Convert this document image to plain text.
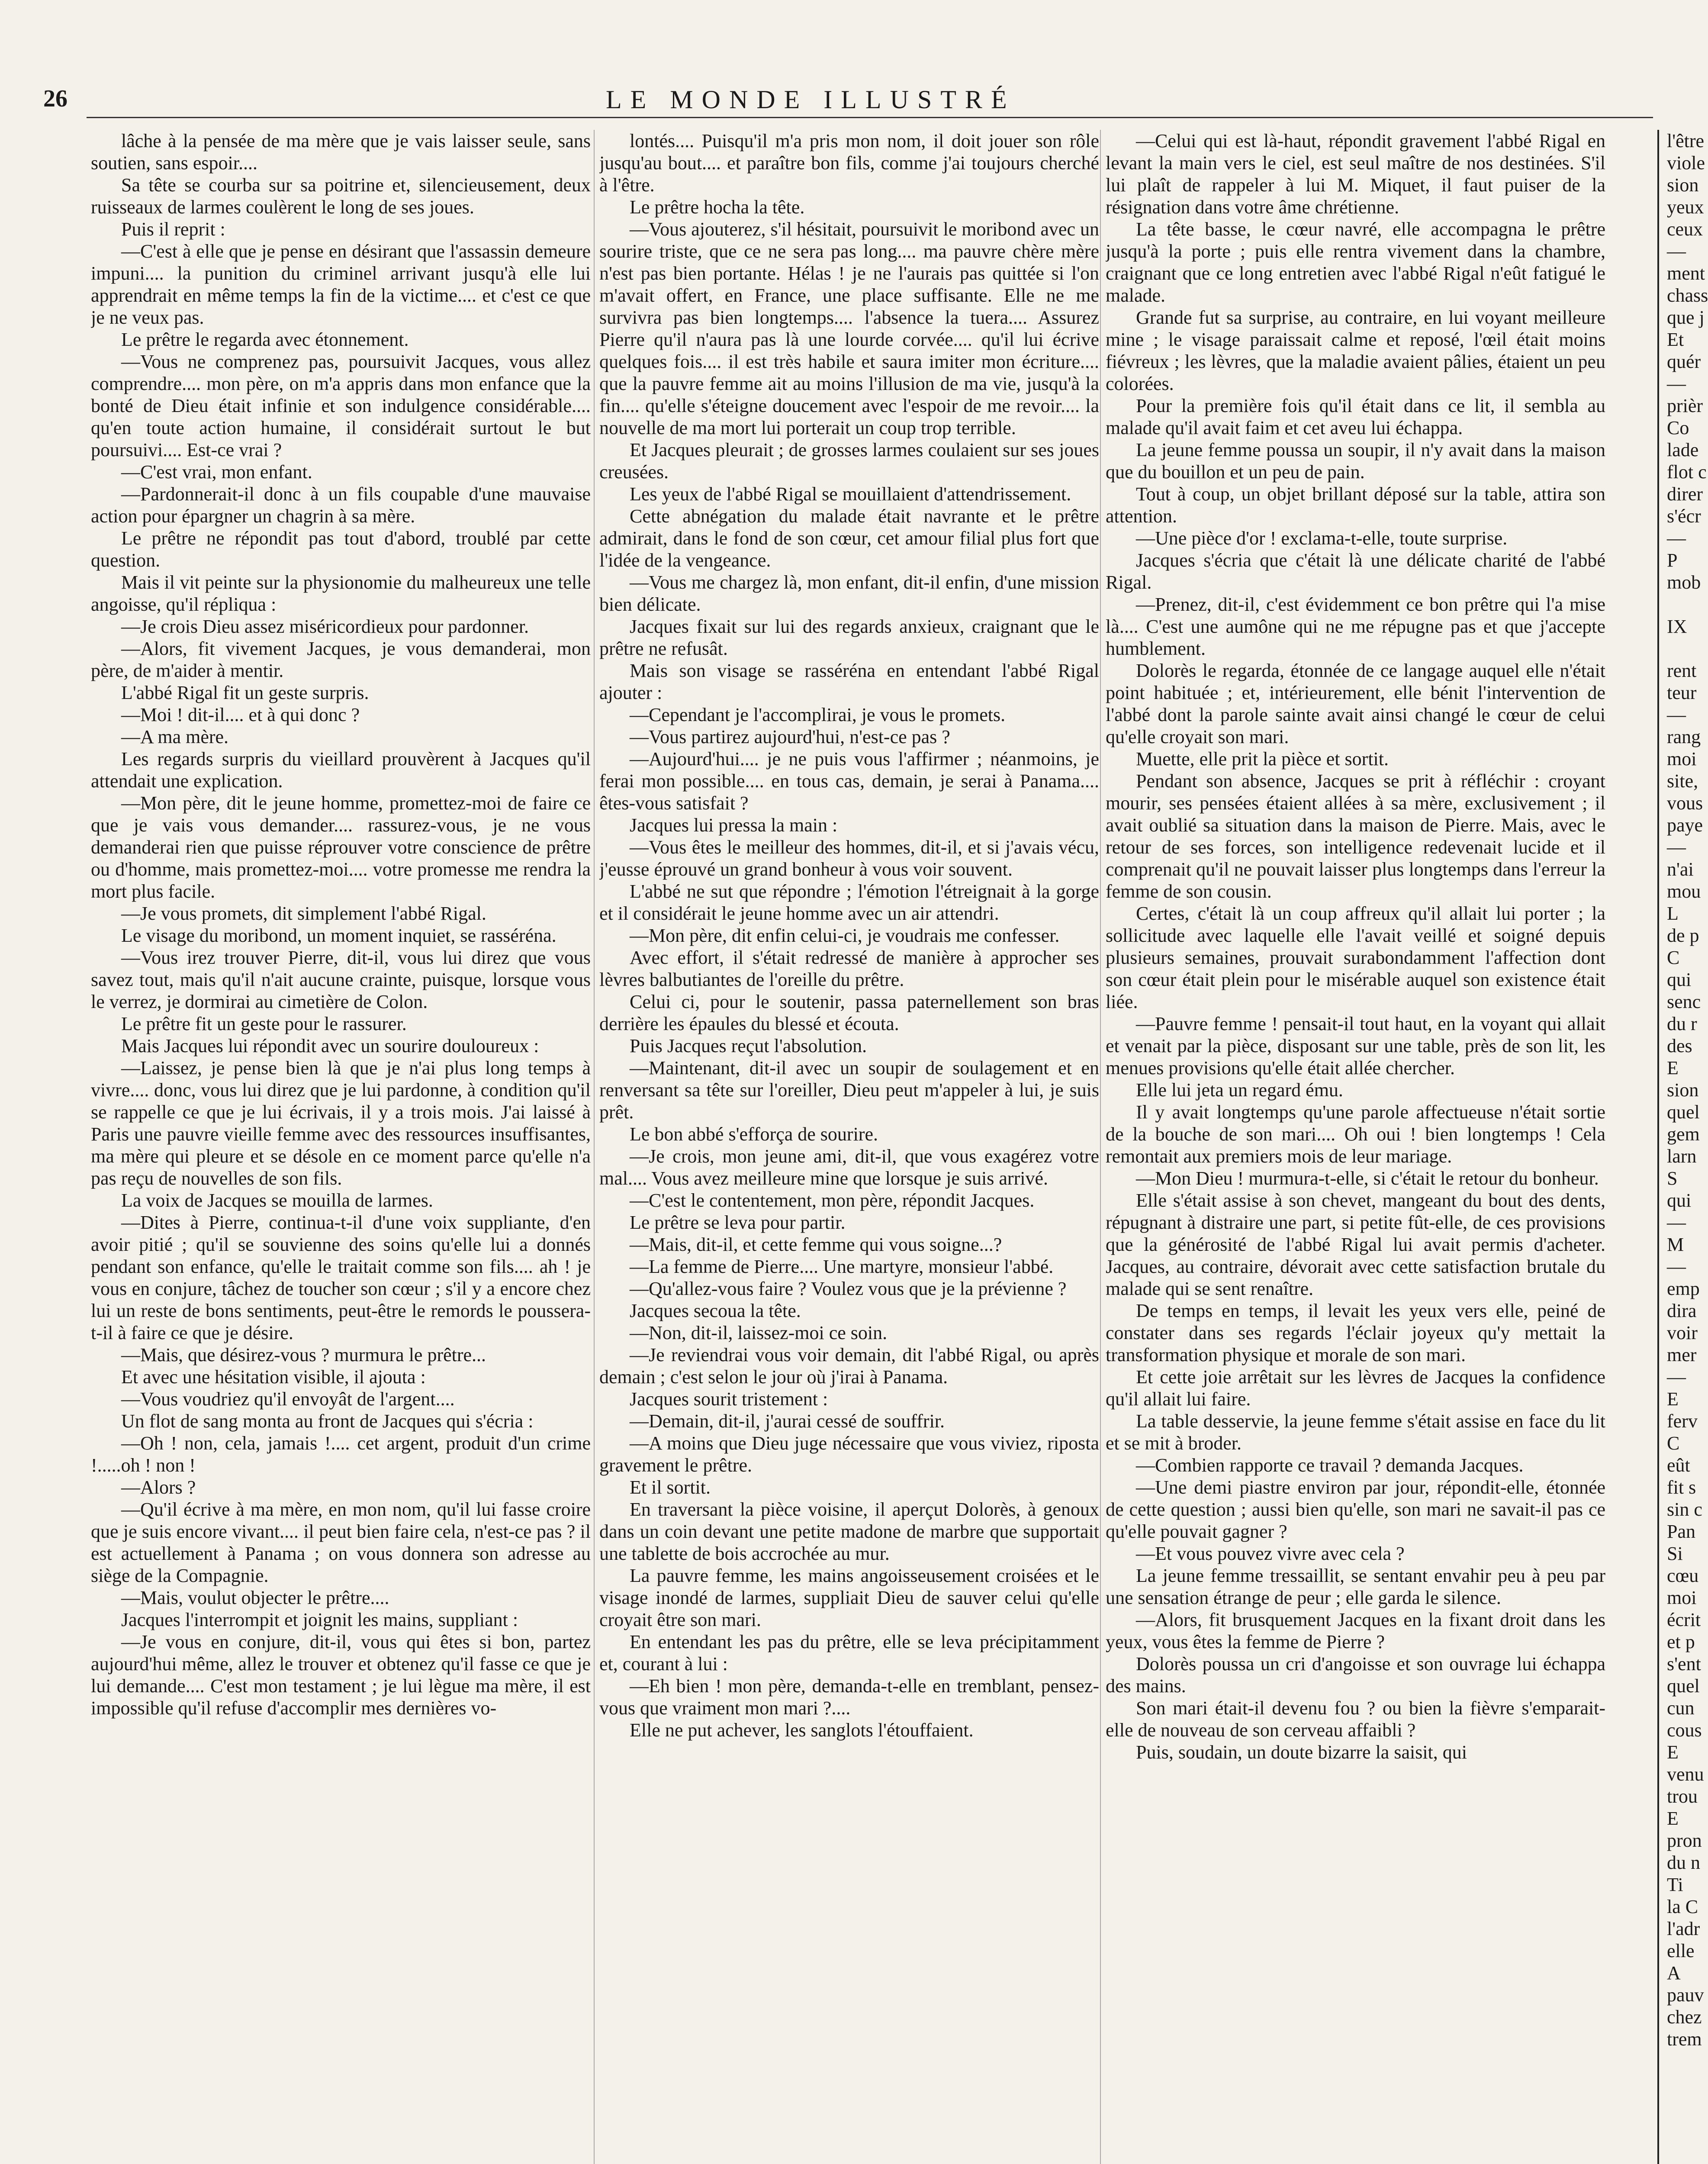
26	LE MONDE ILLUSTRÉ

lâche à la pensée de ma mère que je vais laisser seule, sans soutien, sans espoir....

Sa tête se courba sur sa poitrine et, silencieusement, deux ruisseaux de larmes coulèrent le long de ses joues.

Puis il reprit :

—C'est à elle que je pense en désirant que l'assassin demeure impuni.... la punition du criminel arrivant jusqu'à elle lui apprendrait en même temps la fin de la victime.... et c'est ce que je ne veux pas.

Le prêtre le regarda avec étonnement.

—Vous ne comprenez pas, poursuivit Jacques, vous allez comprendre.... mon père, on m'a appris dans mon enfance que la bonté de Dieu était infinie et son indulgence considérable.... qu'en toute action humaine, il considérait surtout le but poursuivi.... Est-ce vrai ?

—C'est vrai, mon enfant.

—Pardonnerait-il donc à un fils coupable d'une mauvaise action pour épargner un chagrin à sa mère.

Le prêtre ne répondit pas tout d'abord, troublé par cette question.

Mais il vit peinte sur la physionomie du malheureux une telle angoisse, qu'il répliqua :

—Je crois Dieu assez miséricordieux pour pardonner.

—Alors, fit vivement Jacques, je vous demanderai, mon père, de m'aider à mentir.

L'abbé Rigal fit un geste surpris.

—Moi ! dit-il.... et à qui donc ?

—A ma mère.

Les regards surpris du vieillard prouvèrent à Jacques qu'il attendait une explication.

—Mon père, dit le jeune homme, promettez-moi de faire ce que je vais vous demander.... rassurez-vous, je ne vous demanderai rien que puisse réprouver votre conscience de prêtre ou d'homme, mais promettez-moi.... votre promesse me rendra la mort plus facile.

—Je vous promets, dit simplement l'abbé Rigal.

Le visage du moribond, un moment inquiet, se rasséréna.

—Vous irez trouver Pierre, dit-il, vous lui direz que vous savez tout, mais qu'il n'ait aucune crainte, puisque, lorsque vous le verrez, je dormirai au cimetière de Colon.

Le prêtre fit un geste pour le rassurer.

Mais Jacques lui répondit avec un sourire douloureux :

—Laissez, je pense bien là que je n'ai plus long temps à vivre.... donc, vous lui direz que je lui pardonne, à condition qu'il se rappelle ce que je lui écrivais, il y a trois mois. J'ai laissé à Paris une pauvre vieille femme avec des ressources insuffisantes, ma mère qui pleure et se désole en ce moment parce qu'elle n'a pas reçu de nouvelles de son fils.

La voix de Jacques se mouilla de larmes.

—Dites à Pierre, continua-t-il d'une voix suppliante, d'en avoir pitié ; qu'il se souvienne des soins qu'elle lui a donnés pendant son enfance, qu'elle le traitait comme son fils.... ah ! je vous en conjure, tâchez de toucher son cœur ; s'il y a encore chez lui un reste de bons sentiments, peut-être le remords le poussera-t-il à faire ce que je désire.

—Mais, que désirez-vous ? murmura le prêtre...

Et avec une hésitation visible, il ajouta :

—Vous voudriez qu'il envoyât de l'argent....

Un flot de sang monta au front de Jacques qui s'écria :

—Oh ! non, cela, jamais !.... cet argent, produit d'un crime !.....oh ! non !

—Alors ?

—Qu'il écrive à ma mère, en mon nom, qu'il lui fasse croire que je suis encore vivant.... il peut bien faire cela, n'est-ce pas ? il est actuellement à Panama ; on vous donnera son adresse au siège de la Compagnie.

—Mais, voulut objecter le prêtre....

Jacques l'interrompit et joignit les mains, suppliant :

—Je vous en conjure, dit-il, vous qui êtes si bon, partez aujourd'hui même, allez le trouver et obtenez qu'il fasse ce que je lui demande.... C'est mon testament ; je lui lègue ma mère, il est impossible qu'il refuse d'accomplir mes dernières vo-

lontés.... Puisqu'il m'a pris mon nom, il doit jouer son rôle jusqu'au bout.... et paraître bon fils, comme j'ai toujours cherché à l'être.

Le prêtre hocha la tête.

—Vous ajouterez, s'il hésitait, poursuivit le moribond avec un sourire triste, que ce ne sera pas long.... ma pauvre chère mère n'est pas bien portante. Hélas ! je ne l'aurais pas quittée si l'on m'avait offert, en France, une place suffisante. Elle ne me survivra pas bien longtemps.... l'absence la tuera.... Assurez Pierre qu'il n'aura pas là une lourde corvée.... qu'il lui écrive quelques fois.... il est très habile et saura imiter mon écriture.... que la pauvre femme ait au moins l'illusion de ma vie, jusqu'à la fin.... qu'elle s'éteigne doucement avec l'espoir de me revoir.... la nouvelle de ma mort lui porterait un coup trop terrible.

Et Jacques pleurait ; de grosses larmes coulaient sur ses joues creusées.

Les yeux de l'abbé Rigal se mouillaient d'attendrissement.

Cette abnégation du malade était navrante et le prêtre admirait, dans le fond de son cœur, cet amour filial plus fort que l'idée de la vengeance.

—Vous me chargez là, mon enfant, dit-il enfin, d'une mission bien délicate.

Jacques fixait sur lui des regards anxieux, craignant que le prêtre ne refusât.

Mais son visage se rasséréna en entendant l'abbé Rigal ajouter :

—Cependant je l'accomplirai, je vous le promets.

—Vous partirez aujourd'hui, n'est-ce pas ?

—Aujourd'hui.... je ne puis vous l'affirmer ; néanmoins, je ferai mon possible.... en tous cas, demain, je serai à Panama.... êtes-vous satisfait ?

Jacques lui pressa la main :

—Vous êtes le meilleur des hommes, dit-il, et si j'avais vécu, j'eusse éprouvé un grand bonheur à vous voir souvent.

L'abbé ne sut que répondre ; l'émotion l'étreignait à la gorge et il considérait le jeune homme avec un air attendri.

—Mon père, dit enfin celui-ci, je voudrais me confesser.

Avec effort, il s'était redressé de manière à approcher ses lèvres balbutiantes de l'oreille du prêtre.

Celui ci, pour le soutenir, passa paternellement son bras derrière les épaules du blessé et écouta.

Puis Jacques reçut l'absolution.

—Maintenant, dit-il avec un soupir de soulagement et en renversant sa tête sur l'oreiller, Dieu peut m'appeler à lui, je suis prêt.

Le bon abbé s'efforça de sourire.

—Je crois, mon jeune ami, dit-il, que vous exagérez votre mal.... Vous avez meilleure mine que lorsque je suis arrivé.

—C'est le contentement, mon père, répondit Jacques.

Le prêtre se leva pour partir.

—Mais, dit-il, et cette femme qui vous soigne...?

—La femme de Pierre.... Une martyre, monsieur l'abbé.

—Qu'allez-vous faire ? Voulez vous que je la prévienne ?

Jacques secoua la tête.

—Non, dit-il, laissez-moi ce soin.

—Je reviendrai vous voir demain, dit l'abbé Rigal, ou après demain ; c'est selon le jour où j'irai à Panama.

Jacques sourit tristement :

—Demain, dit-il, j'aurai cessé de souffrir.

—A moins que Dieu juge nécessaire que vous viviez, riposta gravement le prêtre.

Et il sortit.

En traversant la pièce voisine, il aperçut Dolorès, à genoux dans un coin devant une petite madone de marbre que supportait une tablette de bois accrochée au mur.

La pauvre femme, les mains angoisseusement croisées et le visage inondé de larmes, suppliait Dieu de sauver celui qu'elle croyait être son mari.

En entendant les pas du prêtre, elle se leva précipitamment et, courant à lui :

—Eh bien ! mon père, demanda-t-elle en tremblant, pensez-vous que vraiment mon mari ?....

Elle ne put achever, les sanglots l'étouffaient.

—Celui qui est là-haut, répondit gravement l'abbé Rigal en levant la main vers le ciel, est seul maître de nos destinées. S'il lui plaît de rappeler à lui M. Miquet, il faut puiser de la résignation dans votre âme chrétienne.

La tête basse, le cœur navré, elle accompagna le prêtre jusqu'à la porte ; puis elle rentra vivement dans la chambre, craignant que ce long entretien avec l'abbé Rigal n'eût fatigué le malade.

Grande fut sa surprise, au contraire, en lui voyant meilleure mine ; le visage paraissait calme et reposé, l'œil était moins fiévreux ; les lèvres, que la maladie avaient pâlies, étaient un peu colorées.

Pour la première fois qu'il était dans ce lit, il sembla au malade qu'il avait faim et cet aveu lui échappa.

La jeune femme poussa un soupir, il n'y avait dans la maison que du bouillon et un peu de pain.

Tout à coup, un objet brillant déposé sur la table, attira son attention.

—Une pièce d'or ! exclama-t-elle, toute surprise.

Jacques s'écria que c'était là une délicate charité de l'abbé Rigal.

—Prenez, dit-il, c'est évidemment ce bon prêtre qui l'a mise là.... C'est une aumône qui ne me répugne pas et que j'accepte humblement.

Dolorès le regarda, étonnée de ce langage auquel elle n'était point habituée ; et, intérieurement, elle bénit l'intervention de l'abbé dont la parole sainte avait ainsi changé le cœur de celui qu'elle croyait son mari.

Muette, elle prit la pièce et sortit.

Pendant son absence, Jacques se prit à réfléchir : croyant mourir, ses pensées étaient allées à sa mère, exclusivement ; il avait oublié sa situation dans la maison de Pierre. Mais, avec le retour de ses forces, son intelligence redevenait lucide et il comprenait qu'il ne pouvait laisser plus longtemps dans l'erreur la femme de son cousin.

Certes, c'était là un coup affreux qu'il allait lui porter ; la sollicitude avec laquelle elle l'avait veillé et soigné depuis plusieurs semaines, prouvait surabondamment l'affection dont son cœur était plein pour le misérable auquel son existence était liée.

—Pauvre femme ! pensait-il tout haut, en la voyant qui allait et venait par la pièce, disposant sur une table, près de son lit, les menues provisions qu'elle était allée chercher.

Elle lui jeta un regard ému.

Il y avait longtemps qu'une parole affectueuse n'était sortie de la bouche de son mari.... Oh oui ! bien longtemps ! Cela remontait aux premiers mois de leur mariage.

—Mon Dieu ! murmura-t-elle, si c'était le retour du bonheur.

Elle s'était assise à son chevet, mangeant du bout des dents, répugnant à distraire une part, si petite fût-elle, de ces provisions que la générosité de l'abbé Rigal lui avait permis d'acheter. Jacques, au contraire, dévorait avec cette satisfaction brutale du malade qui se sent renaître.

De temps en temps, il levait les yeux vers elle, peiné de constater dans ses regards l'éclair joyeux qu'y mettait la transformation physique et morale de son mari.

Et cette joie arrêtait sur les lèvres de Jacques la confidence qu'il allait lui faire.

La table desservie, la jeune femme s'était assise en face du lit et se mit à broder.

—Combien rapporte ce travail ? demanda Jacques.

—Une demi piastre environ par jour, répondit-elle, étonnée de cette question ; aussi bien qu'elle, son mari ne savait-il pas ce qu'elle pouvait gagner ?

—Et vous pouvez vivre avec cela ?

La jeune femme tressaillit, se sentant envahir peu à peu par une sensation étrange de peur ; elle garda le silence.

—Alors, fit brusquement Jacques en la fixant droit dans les yeux, vous êtes la femme de Pierre ?

Dolorès poussa un cri d'angoisse et son ouvrage lui échappa des mains.

Son mari était-il devenu fou ? ou bien la fièvre s'emparait-elle de nouveau de son cerveau affaibli ?

Puis, soudain, un doute bizarre la saisit, qui

l'être
viole
sion
yeux
ceux
—
ment
chass
que j
Et
quér
—
prièr
Co
lade
flot c
direr
s'écr
—
P
mob

IX

rent
teur
—
rang
moi
site,
vous
paye
—
n'ai
mou
L
de p
C
qui
senc
du r
des
E
sion
quel
gem
larn
S
qui
—
M
—
emp
dira
voir
mer
—
E
ferv
C
eût
fit s
sin c
Pan
Si
cœu
moi
écrit
et p
s'ent
quel
cun
cous
E
venu
trou
E
pron
du n
Ti
la C
l'adr
elle
A
pauv
chez
trem
